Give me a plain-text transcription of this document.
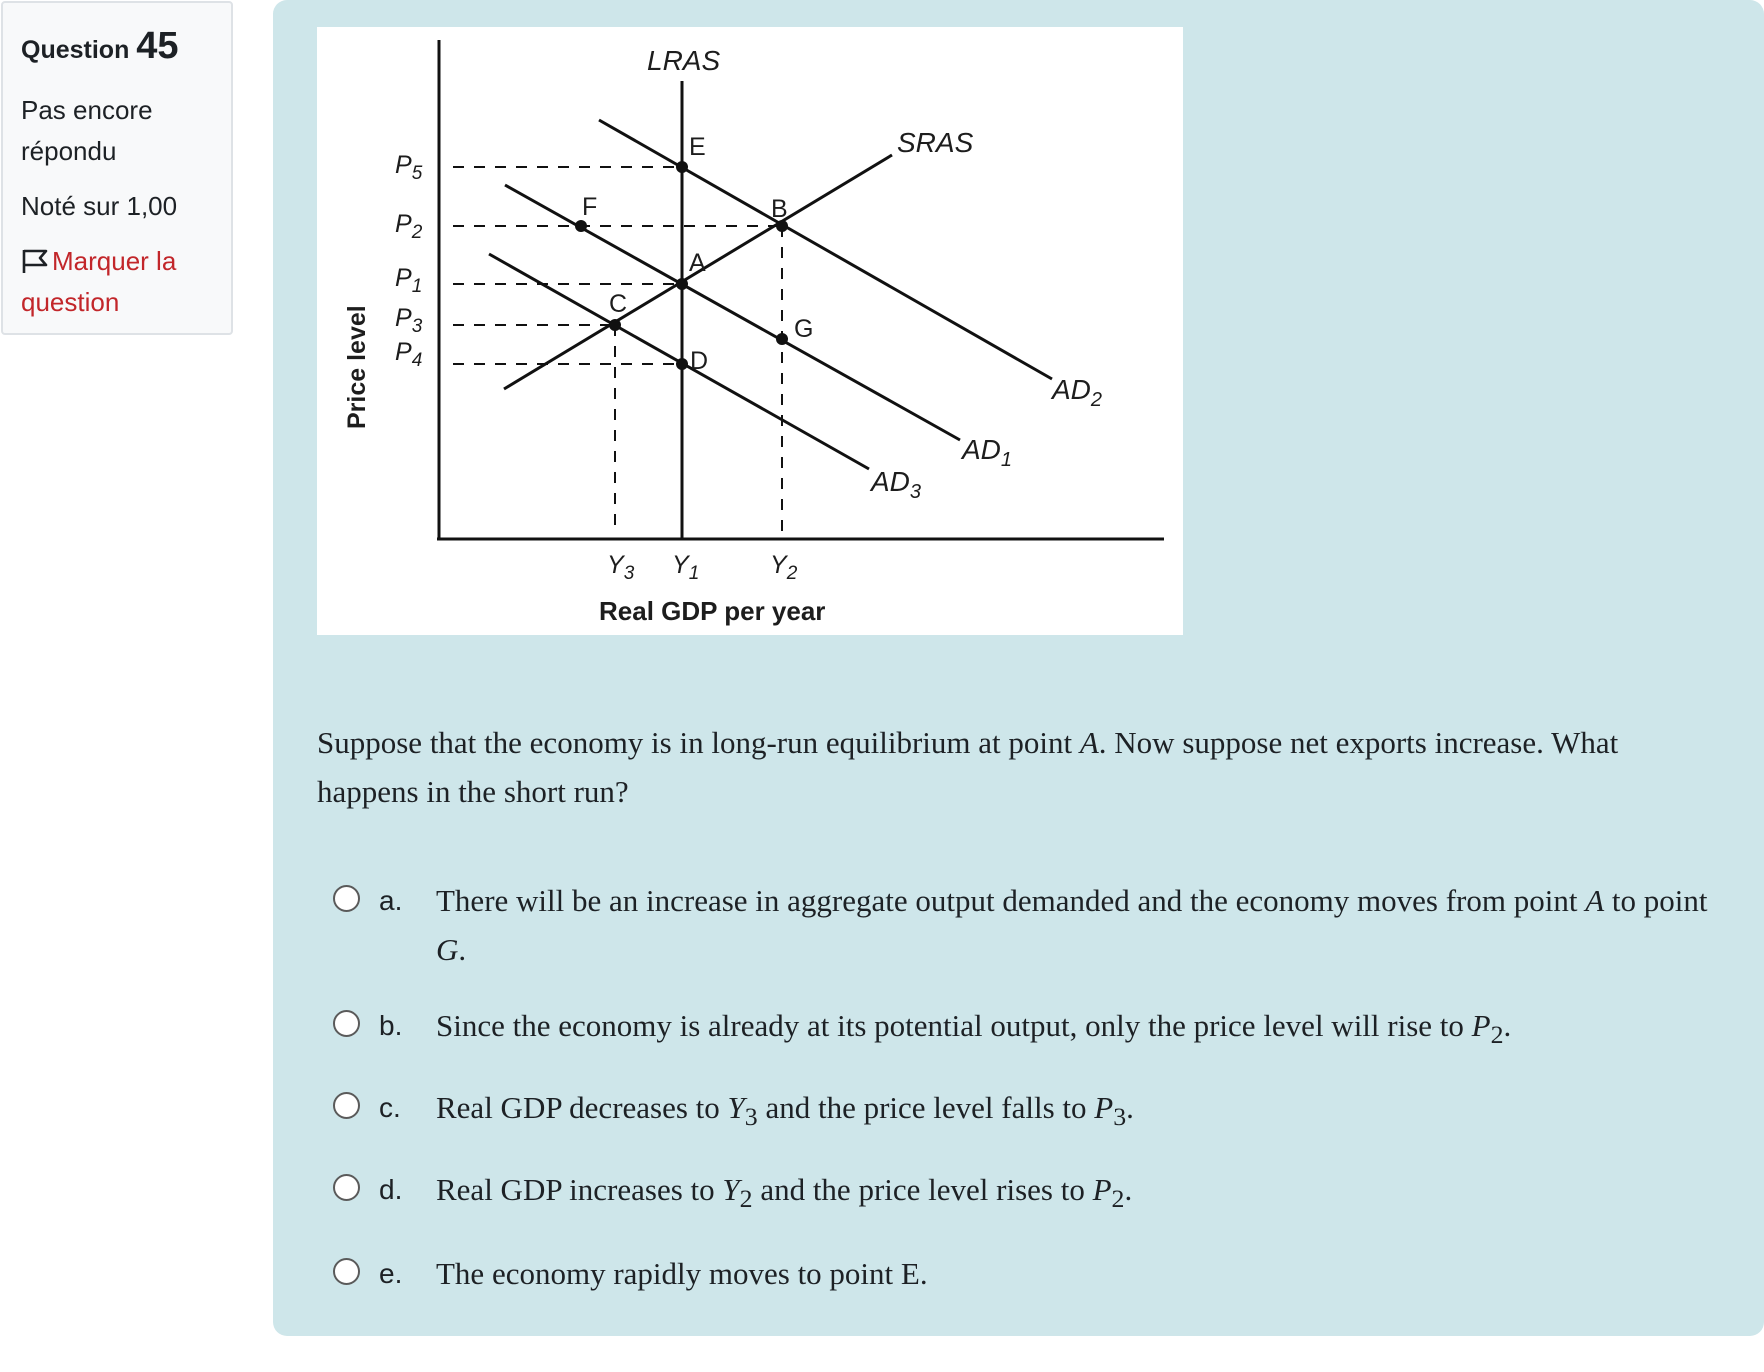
Question 45
Pas encore répondu
Noté sur 1,00
Marquer la question
LRAS
SRAS
$AD_2$
$AD_1$
$AD_3$
E
F	B
A
C
G
D
$P_5$
$P_2$
$P_1$
$P_3$
$P_4$
$Y_3$ $Y_1$	$Y_2$
Price level
Real GDP per year
Suppose that the economy is in long-run equilibrium at point A. Now suppose net exports increase. What happens in the short run?
a.	There will be an increase in aggregate output demanded and the economy moves from point A to point G.
b.	Since the economy is already at its potential output, only the price level will rise to $P_2$.
c.	Real GDP decreases to $Y_3$ and the price level falls to $P_3$.
d.	Real GDP increases to $Y_2$ and the price level rises to $P_2$.
e.	The economy rapidly moves to point E.
